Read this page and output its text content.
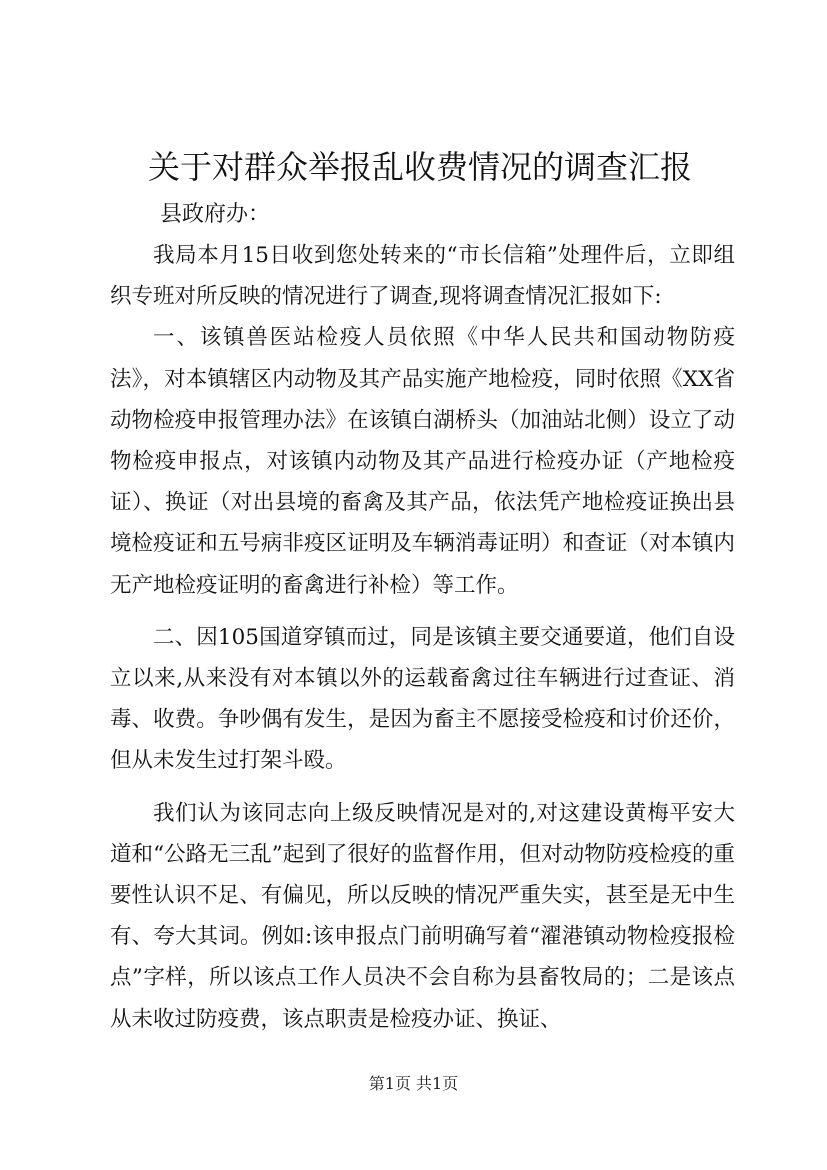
关于对群众举报乱收费情况的调查汇报
县政府办：

我局本月15日收到您处转来的“市长信箱”处理件后，立即组织专班对所反映的情况进行了调查,现将调查情况汇报如下:

一、该镇兽医站检疫人员依照《中华人民共和国动物防疫法》，对本镇辖区内动物及其产品实施产地检疫，同时依照《XX省动物检疫申报管理办法》在该镇白湖桥头（加油站北侧）设立了动物检疫申报点，对该镇内动物及其产品进行检疫办证（产地检疫证）、换证（对出县境的畜禽及其产品，依法凭产地检疫证换出县境检疫证和五号病非疫区证明及车辆消毒证明）和查证（对本镇内无产地检疫证明的畜禽进行补检）等工作。

二、因105国道穿镇而过，同是该镇主要交通要道，他们自设立以来,从来没有对本镇以外的运载畜禽过往车辆进行过查证、消毒、收费。争吵偶有发生，是因为畜主不愿接受检疫和讨价还价，但从未发生过打架斗殴。

我们认为该同志向上级反映情况是对的,对这建设黄梅平安大道和“公路无三乱”起到了很好的监督作用，但对动物防疫检疫的重要性认识不足、有偏见，所以反映的情况严重失实，甚至是无中生有、夸大其词。例如:该申报点门前明确写着“濯港镇动物检疫报检点”字样，所以该点工作人员决不会自称为县畜牧局的；二是该点从未收过防疫费，该点职责是检疫办证、换证、

第1页 共1页
